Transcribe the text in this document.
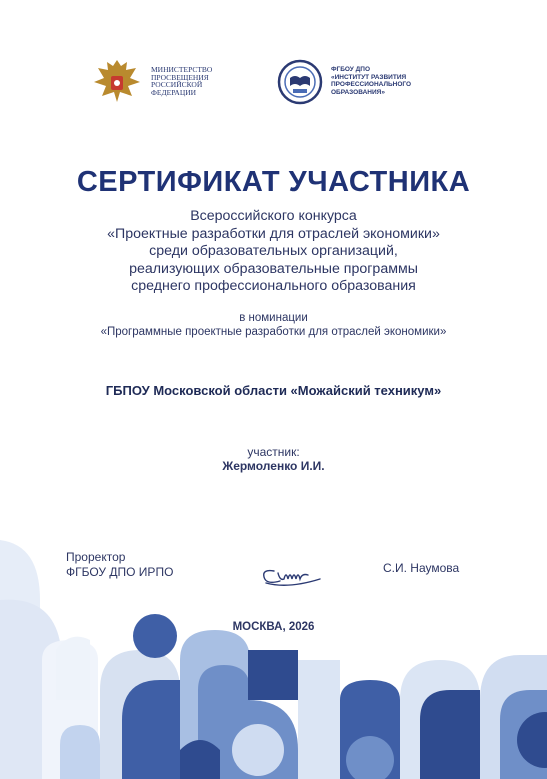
МИНИСТЕРСТВО
ПРОСВЕЩЕНИЯ
РОССИЙСКОЙ
ФЕДЕРАЦИИ
ФГБОУ ДПО
«ИНСТИТУТ РАЗВИТИЯ
ПРОФЕССИОНАЛЬНОГО
ОБРАЗОВАНИЯ»
СЕРТИФИКАТ УЧАСТНИКА
Всероссийского конкурса
«Проектные разработки для отраслей экономики»
среди образовательных организаций,
реализующих образовательные программы
среднего профессионального образования
в номинации
«Программные проектные разработки для отраслей экономики»
ГБПОУ Московской области «Можайский техникум»
участник:
Жермоленко И.И.
Проректор
ФГБОУ ДПО ИРПО	С.И. Наумова
МОСКВА, 2026
